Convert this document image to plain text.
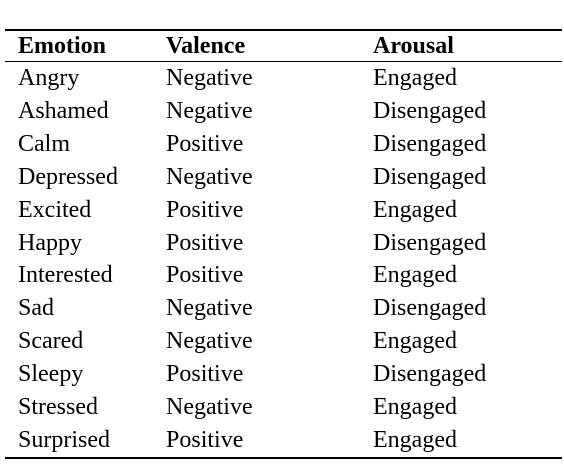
Emotion	Valence	Arousal
Angry	Negative	Engaged
Ashamed	Negative	Disengaged
Calm	Positive	Disengaged
Depressed	Negative	Disengaged
Excited	Positive	Engaged
Happy	Positive	Disengaged
Interested	Positive	Engaged
Sad	Negative	Disengaged
Scared	Negative	Engaged
Sleepy	Positive	Disengaged
Stressed	Negative	Engaged
Surprised	Positive	Engaged
